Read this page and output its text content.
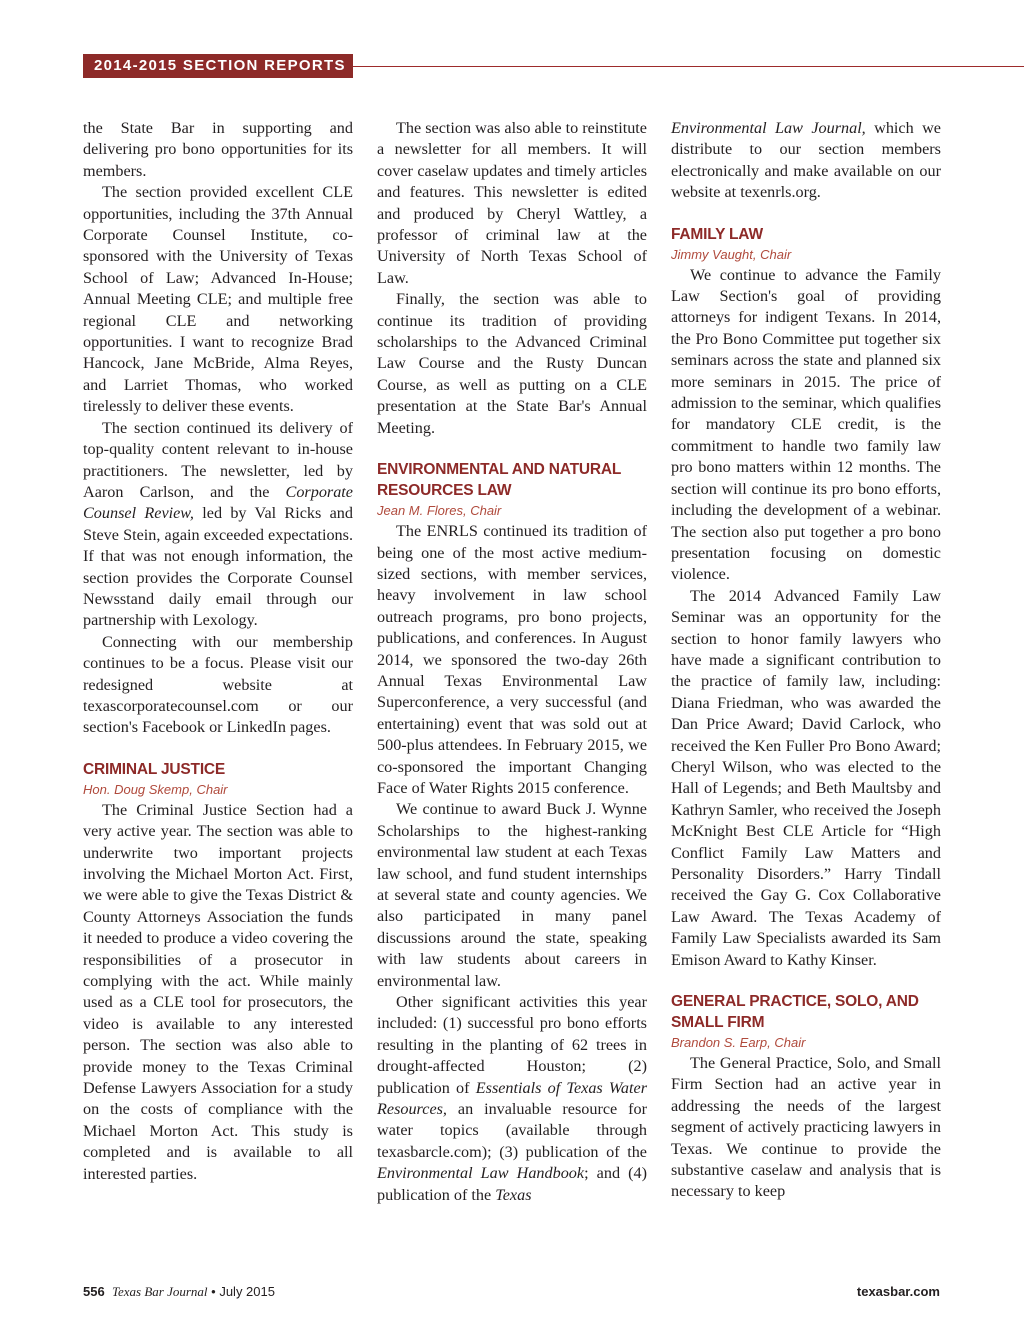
2014-2015 SECTION REPORTS

the State Bar in supporting and delivering pro bono opportunities for its members.

The section provided excellent CLE opportunities, including the 37th Annual Corporate Counsel Institute, co-sponsored with the University of Texas School of Law; Advanced In-House; Annual Meeting CLE; and multiple free regional CLE and networking opportunities. I want to recognize Brad Hancock, Jane McBride, Alma Reyes, and Larriet Thomas, who worked tirelessly to deliver these events.

The section continued its delivery of top-quality content relevant to in-house practitioners. The newsletter, led by Aaron Carlson, and the Corporate Counsel Review, led by Val Ricks and Steve Stein, again exceeded expectations. If that was not enough information, the section provides the Corporate Counsel Newsstand daily email through our partnership with Lexology.

Connecting with our membership continues to be a focus. Please visit our redesigned website at texascorporatecounsel.com or our section's Facebook or LinkedIn pages.

CRIMINAL JUSTICE
Hon. Doug Skemp, Chair

The Criminal Justice Section had a very active year. The section was able to underwrite two important projects involving the Michael Morton Act. First, we were able to give the Texas District & County Attorneys Association the funds it needed to produce a video covering the responsibilities of a prosecutor in complying with the act. While mainly used as a CLE tool for prosecutors, the video is available to any interested person. The section was also able to provide money to the Texas Criminal Defense Lawyers Association for a study on the costs of compliance with the Michael Morton Act. This study is completed and is available to all interested parties.

The section was also able to reinstitute a newsletter for all members. It will cover caselaw updates and timely articles and features. This newsletter is edited and produced by Cheryl Wattley, a professor of criminal law at the University of North Texas School of Law.

Finally, the section was able to continue its tradition of providing scholarships to the Advanced Criminal Law Course and the Rusty Duncan Course, as well as putting on a CLE presentation at the State Bar's Annual Meeting.

ENVIRONMENTAL AND NATURAL RESOURCES LAW
Jean M. Flores, Chair

The ENRLS continued its tradition of being one of the most active medium-sized sections, with member services, heavy involvement in law school outreach programs, pro bono projects, publications, and conferences. In August 2014, we sponsored the two-day 26th Annual Texas Environmental Law Superconference, a very successful (and entertaining) event that was sold out at 500-plus attendees. In February 2015, we co-sponsored the important Changing Face of Water Rights 2015 conference.

We continue to award Buck J. Wynne Scholarships to the highest-ranking environmental law student at each Texas law school, and fund student internships at several state and county agencies. We also participated in many panel discussions around the state, speaking with law students about careers in environmental law.

Other significant activities this year included: (1) successful pro bono efforts resulting in the planting of 62 trees in drought-affected Houston; (2) publication of Essentials of Texas Water Resources, an invaluable resource for water topics (available through texasbarcle.com); (3) publication of the Environmental Law Handbook; and (4) publication of the Texas

Environmental Law Journal, which we distribute to our section members electronically and make available on our website at texenrls.org.

FAMILY LAW
Jimmy Vaught, Chair

We continue to advance the Family Law Section's goal of providing attorneys for indigent Texans. In 2014, the Pro Bono Committee put together six seminars across the state and planned six more seminars in 2015. The price of admission to the seminar, which qualifies for mandatory CLE credit, is the commitment to handle two family law pro bono matters within 12 months. The section will continue its pro bono efforts, including the development of a webinar. The section also put together a pro bono presentation focusing on domestic violence.

The 2014 Advanced Family Law Seminar was an opportunity for the section to honor family lawyers who have made a significant contribution to the practice of family law, including: Diana Friedman, who was awarded the Dan Price Award; David Carlock, who received the Ken Fuller Pro Bono Award; Cheryl Wilson, who was elected to the Hall of Legends; and Beth Maultsby and Kathryn Samler, who received the Joseph McKnight Best CLE Article for “High Conflict Family Law Matters and Personality Disorders.” Harry Tindall received the Gay G. Cox Collaborative Law Award. The Texas Academy of Family Law Specialists awarded its Sam Emison Award to Kathy Kinser.

GENERAL PRACTICE, SOLO, AND SMALL FIRM
Brandon S. Earp, Chair

The General Practice, Solo, and Small Firm Section had an active year in addressing the needs of the largest segment of actively practicing lawyers in Texas. We continue to provide the substantive caselaw and analysis that is necessary to keep

556 Texas Bar Journal • July 2015	texasbar.com
